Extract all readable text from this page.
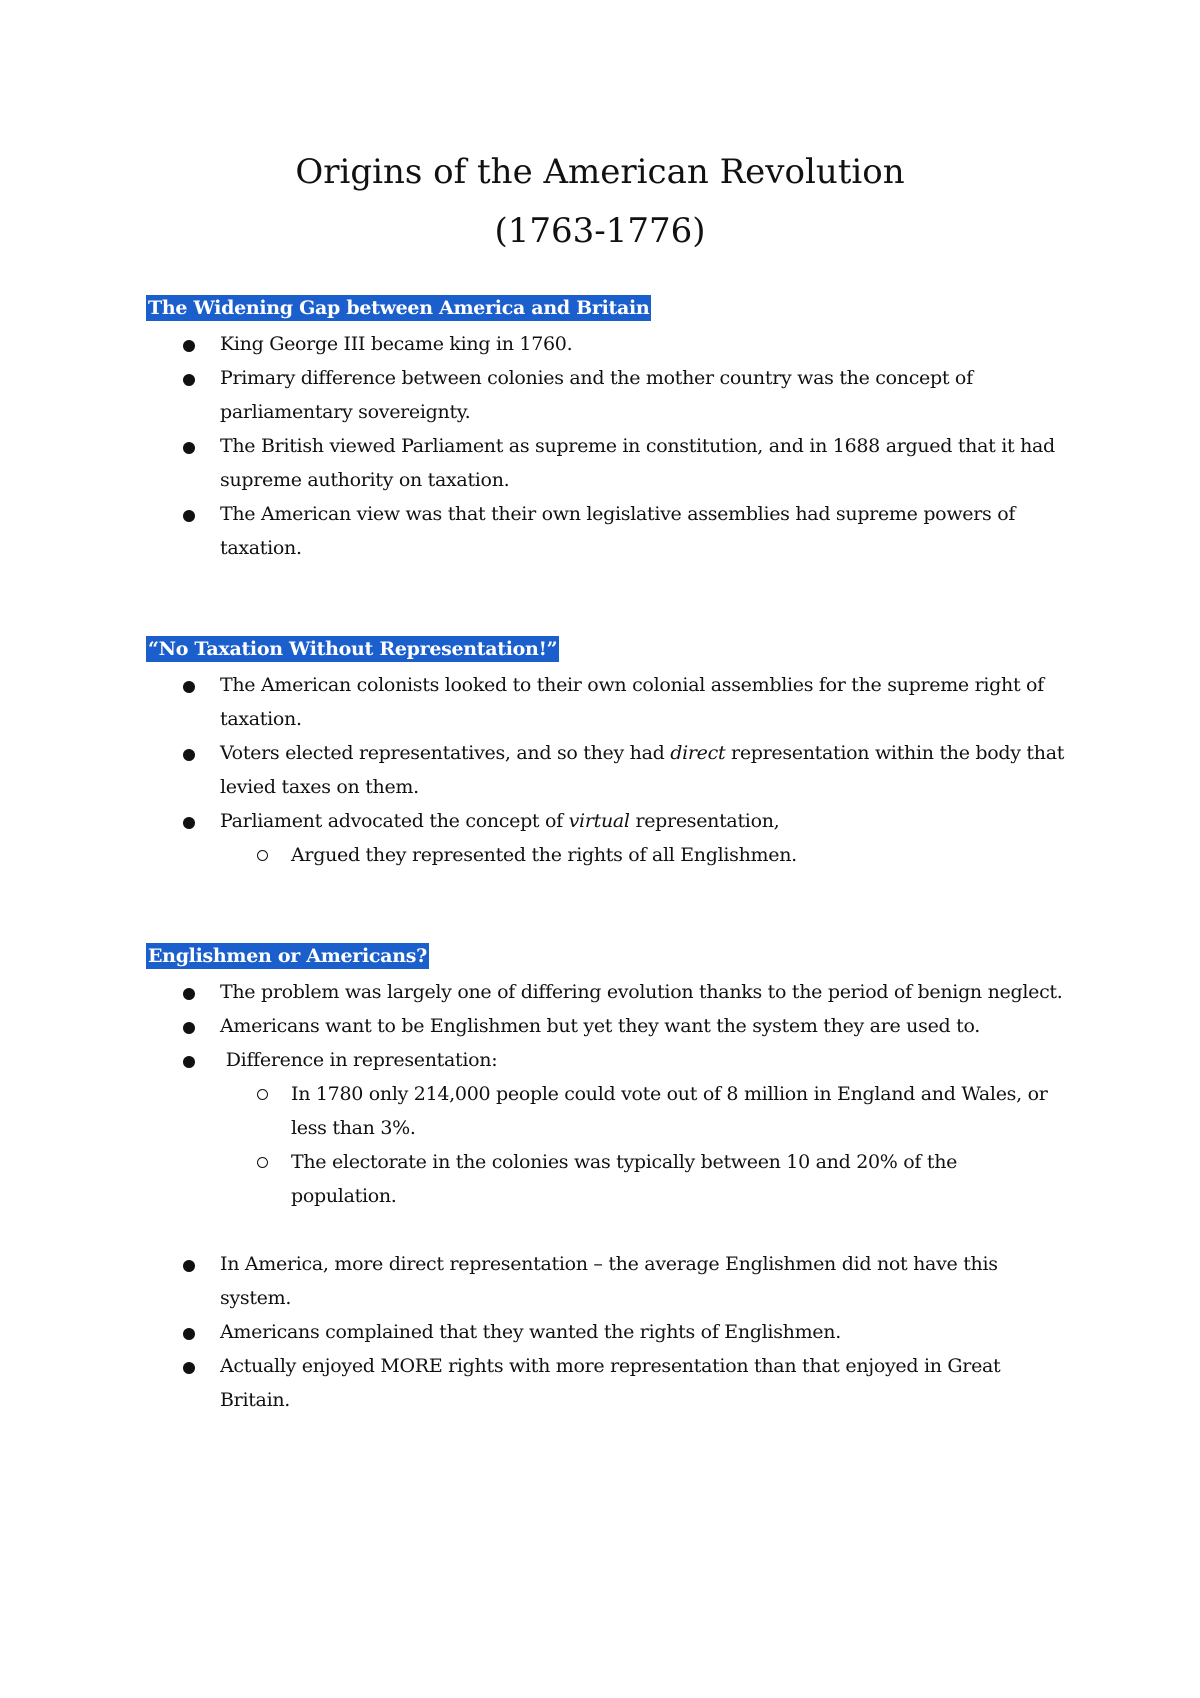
Origins of the American Revolution
(1763-1776)
The Widening Gap between America and Britain
King George III became king in 1760.
Primary difference between colonies and the mother country was the concept of parliamentary sovereignty.
The British viewed Parliament as supreme in constitution, and in 1688 argued that it had supreme authority on taxation.
The American view was that their own legislative assemblies had supreme powers of taxation.
“No Taxation Without Representation!”
The American colonists looked to their own colonial assemblies for the supreme right of taxation.
Voters elected representatives, and so they had direct representation within the body that levied taxes on them.
Parliament advocated the concept of virtual representation,
Argued they represented the rights of all Englishmen.
Englishmen or Americans?
The problem was largely one of differing evolution thanks to the period of benign neglect.
Americans want to be Englishmen but yet they want the system they are used to.
Difference in representation:
In 1780 only 214,000 people could vote out of 8 million in England and Wales, or less than 3%.
The electorate in the colonies was typically between 10 and 20% of the population.
In America, more direct representation – the average Englishmen did not have this system.
Americans complained that they wanted the rights of Englishmen.
Actually enjoyed MORE rights with more representation than that enjoyed in Great Britain.
